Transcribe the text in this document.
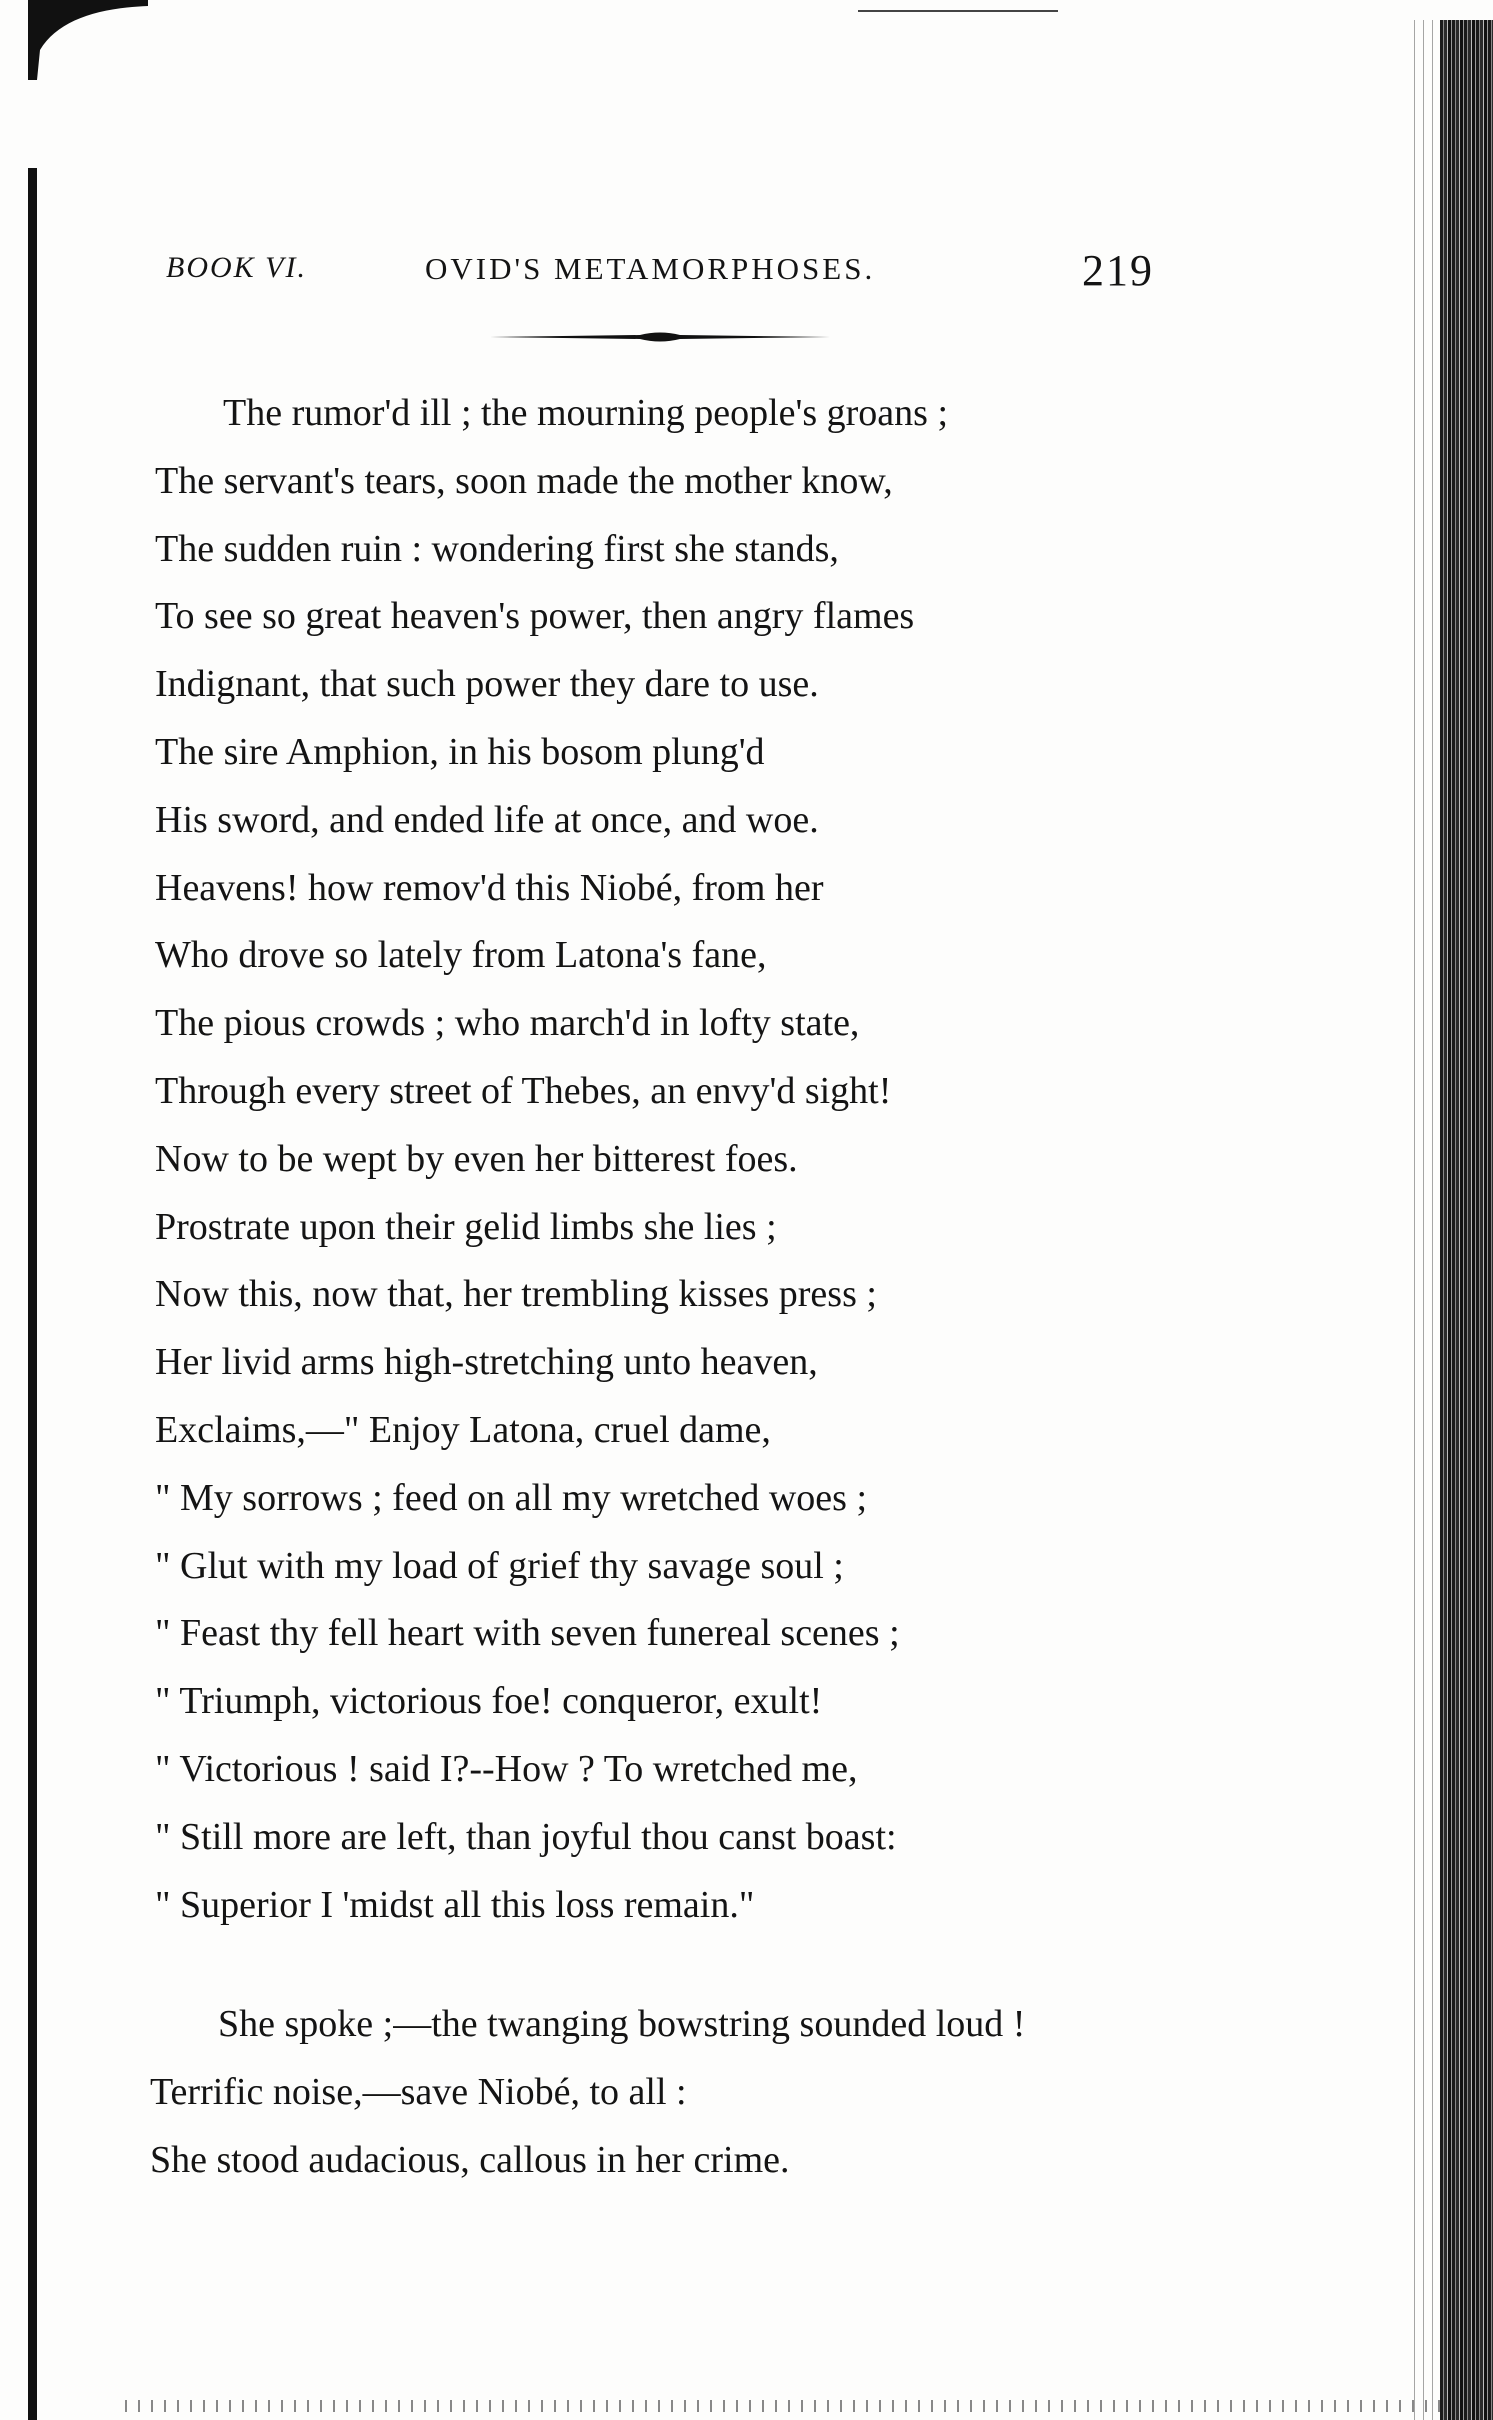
BOOK VI.	OVID'S METAMORPHOSES.	219
The rumor'd ill ; the mourning people's groans ;
The servant's tears, soon made the mother know,
The sudden ruin : wondering first she stands,
To see so great heaven's power, then angry flames
Indignant, that such power they dare to use.
The sire Amphion, in his bosom plung'd
His sword, and ended life at once, and woe.
Heavens! how remov'd this Niobé, from her
Who drove so lately from Latona's fane,
The pious crowds ; who march'd in lofty state,
Through every street of Thebes, an envy'd sight!
Now to be wept by even her bitterest foes.
Prostrate upon their gelid limbs she lies ;
Now this, now that, her trembling kisses press ;
Her livid arms high-stretching unto heaven,
Exclaims,—" Enjoy Latona, cruel dame,
" My sorrows ; feed on all my wretched woes ;
" Glut with my load of grief thy savage soul ;
" Feast thy fell heart with seven funereal scenes ;
" Triumph, victorious foe! conqueror, exult!
" Victorious ! said I?--How ? To wretched me,
" Still more are left, than joyful thou canst boast:
" Superior I 'midst all this loss remain."
She spoke ;—the twanging bowstring sounded loud !
Terrific noise,—save Niobé, to all :
She stood audacious, callous in her crime.
